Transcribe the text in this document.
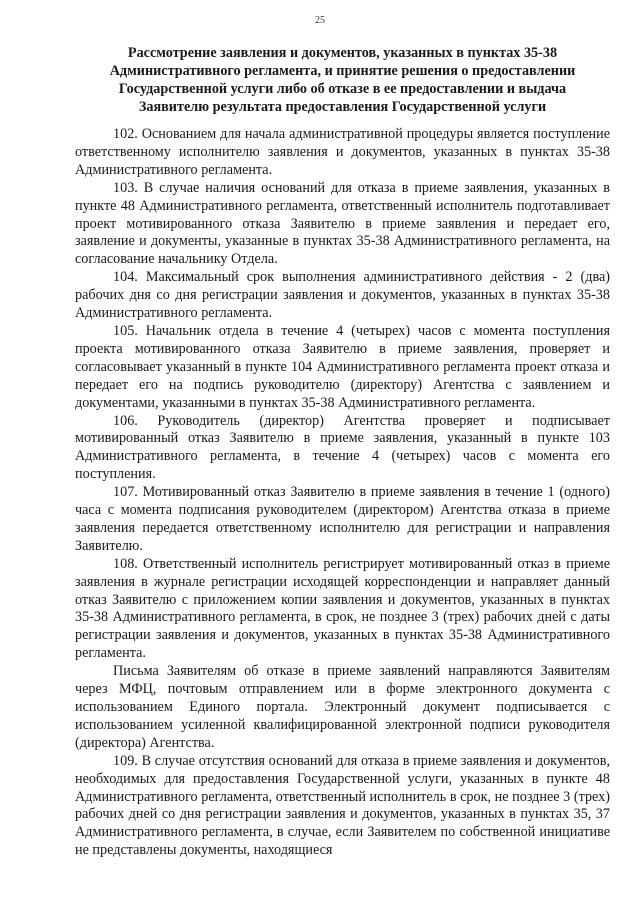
25
Рассмотрение заявления и документов, указанных в пунктах 35-38
Административного регламента, и принятие решения о предоставлении
Государственной услуги либо об отказе в ее предоставлении и выдача
Заявителю результата предоставления Государственной услуги

102. Основанием для начала административной процедуры является поступление ответственному исполнителю заявления и документов, указанных в пунктах 35-38 Административного регламента.

103. В случае наличия оснований для отказа в приеме заявления, указанных в пункте 48 Административного регламента, ответственный исполнитель подготавливает проект мотивированного отказа Заявителю в приеме заявления и передает его, заявление и документы, указанные в пунктах 35-38 Административного регламента, на согласование начальнику Отдела.

104. Максимальный срок выполнения административного действия - 2 (два) рабочих дня со дня регистрации заявления и документов, указанных в пунктах 35-38 Административного регламента.

105. Начальник отдела в течение 4 (четырех) часов с момента поступления проекта мотивированного отказа Заявителю в приеме заявления, проверяет и согласовывает указанный в пункте 104 Административного регламента проект отказа и передает его на подпись руководителю (директору) Агентства с заявлением и документами, указанными в пунктах 35-38 Административного регламента.

106. Руководитель (директор) Агентства проверяет и подписывает мотивированный отказ Заявителю в приеме заявления, указанный в пункте 103 Административного регламента, в течение 4 (четырех) часов с момента его поступления.

107. Мотивированный отказ Заявителю в приеме заявления в течение 1 (одного) часа с момента подписания руководителем (директором) Агентства отказа в приеме заявления передается ответственному исполнителю для регистрации и направления Заявителю.

108. Ответственный исполнитель регистрирует мотивированный отказ в приеме заявления в журнале регистрации исходящей корреспонденции и направляет данный отказ Заявителю с приложением копии заявления и документов, указанных в пунктах 35-38 Административного регламента, в срок, не позднее 3 (трех) рабочих дней с даты регистрации заявления и документов, указанных в пунктах 35-38 Административного регламента.

Письма Заявителям об отказе в приеме заявлений направляются Заявителям через МФЦ, почтовым отправлением или в форме электронного документа с использованием Единого портала. Электронный документ подписывается с использованием усиленной квалифицированной электронной подписи руководителя (директора) Агентства.

109. В случае отсутствия оснований для отказа в приеме заявления и документов, необходимых для предоставления Государственной услуги, указанных в пункте 48 Административного регламента, ответственный исполнитель в срок, не позднее 3 (трех) рабочих дней со дня регистрации заявления и документов, указанных в пунктах 35, 37 Административного регламента, в случае, если Заявителем по собственной инициативе не представлены документы, находящиеся
